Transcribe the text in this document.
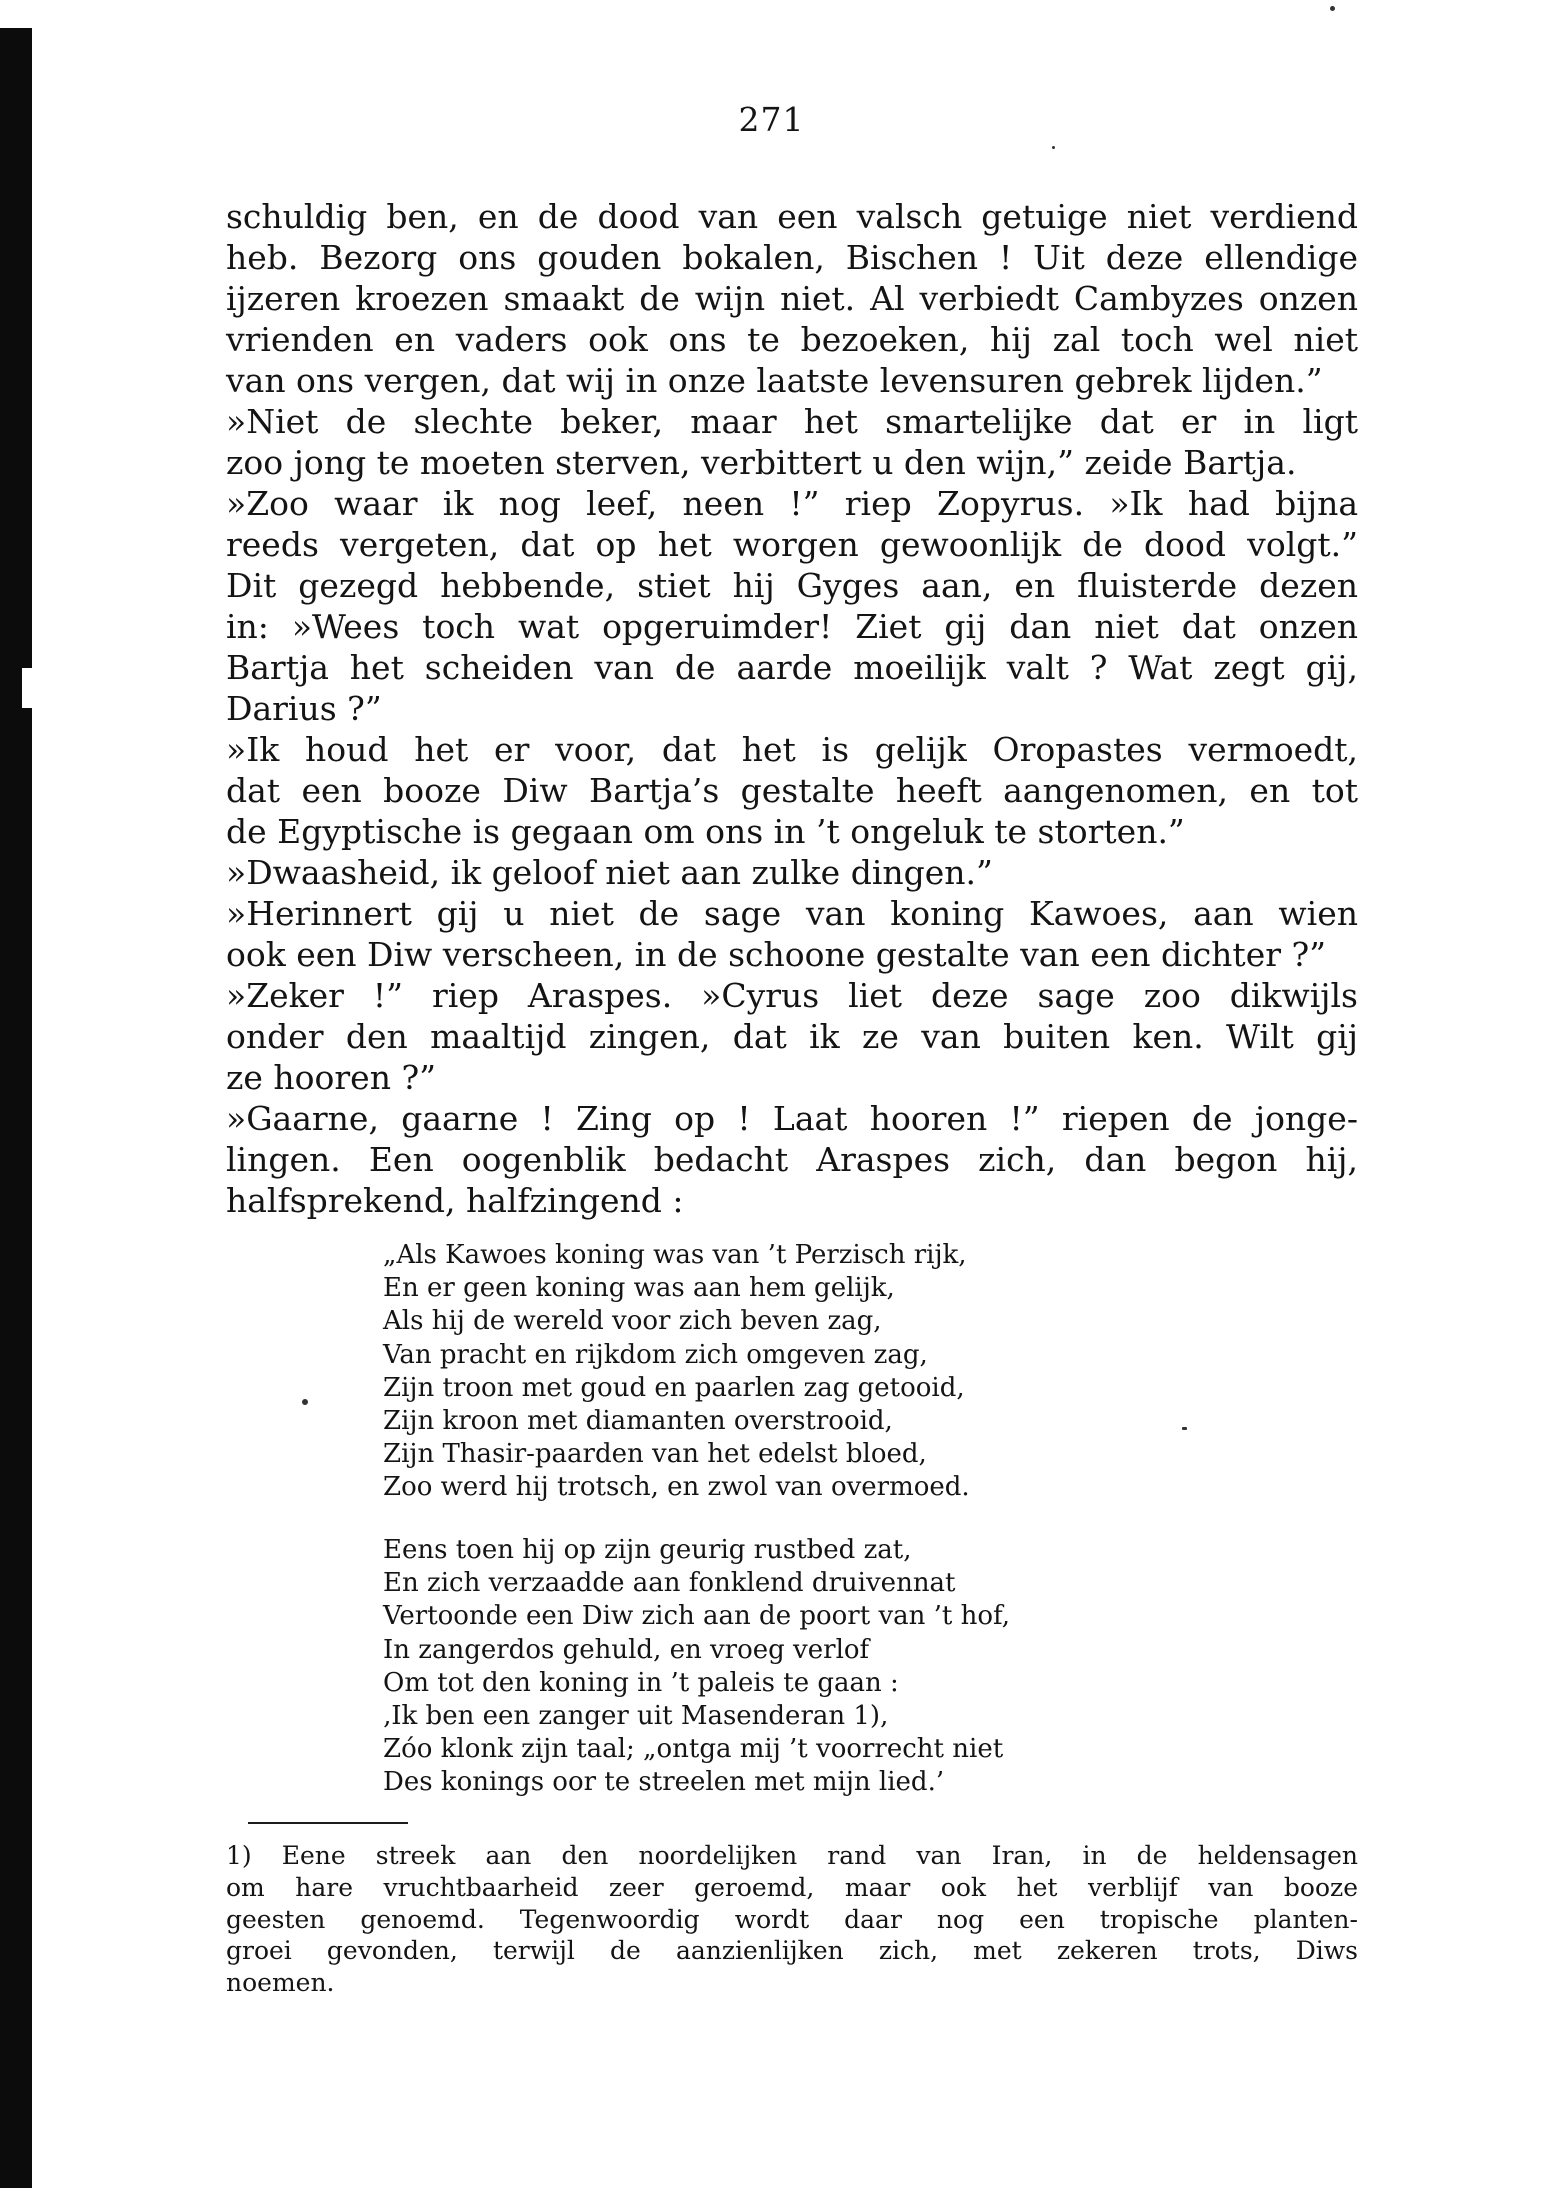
271
schuldig ben, en de dood van een valsch getuige niet verdiend
heb. Bezorg ons gouden bokalen, Bischen ! Uit deze ellendige
ijzeren kroezen smaakt de wijn niet. Al verbiedt Cambyzes onzen
vrienden en vaders ook ons te bezoeken, hij zal toch wel niet
van ons vergen, dat wij in onze laatste levensuren gebrek lijden.”
»Niet de slechte beker, maar het smartelijke dat er in ligt
zoo jong te moeten sterven, verbittert u den wijn,” zeide Bartja.
»Zoo waar ik nog leef, neen !” riep Zopyrus. »Ik had bijna
reeds vergeten, dat op het worgen gewoonlijk de dood volgt.”
Dit gezegd hebbende, stiet hij Gyges aan, en fluisterde dezen
in: »Wees toch wat opgeruimder! Ziet gij dan niet dat onzen
Bartja het scheiden van de aarde moeilijk valt ? Wat zegt gij,
Darius ?”
»Ik houd het er voor, dat het is gelijk Oropastes vermoedt,
dat een booze Diw Bartja’s gestalte heeft aangenomen, en tot
de Egyptische is gegaan om ons in ’t ongeluk te storten.”
»Dwaasheid, ik geloof niet aan zulke dingen.”
»Herinnert gij u niet de sage van koning Kawoes, aan wien
ook een Diw verscheen, in de schoone gestalte van een dichter ?”
»Zeker !” riep Araspes. »Cyrus liet deze sage zoo dikwijls
onder den maaltijd zingen, dat ik ze van buiten ken. Wilt gij
ze hooren ?”
»Gaarne, gaarne ! Zing op ! Laat hooren !” riepen de jonge-
lingen. Een oogenblik bedacht Araspes zich, dan begon hij,
halfsprekend, halfzingend :
„Als Kawoes koning was van ’t Perzisch rijk,
En er geen koning was aan hem gelijk,
Als hij de wereld voor zich beven zag,
Van pracht en rijkdom zich omgeven zag,
Zijn troon met goud en paarlen zag getooid,
Zijn kroon met diamanten overstrooid,
Zijn Thasir-paarden van het edelst bloed,
Zoo werd hij trotsch, en zwol van overmoed.
Eens toen hij op zijn geurig rustbed zat,
En zich verzaadde aan fonklend druivennat
Vertoonde een Diw zich aan de poort van ’t hof,
In zangerdos gehuld, en vroeg verlof
Om tot den koning in ’t paleis te gaan :
‚Ik ben een zanger uit Masenderan 1),
Zóo klonk zijn taal; „ontga mij ’t voorrecht niet
Des konings oor te streelen met mijn lied.’
1) Eene streek aan den noordelijken rand van Iran, in de heldensagen
om hare vruchtbaarheid zeer geroemd, maar ook het verblijf van booze
geesten genoemd. Tegenwoordig wordt daar nog een tropische planten-
groei gevonden, terwijl de aanzienlijken zich, met zekeren trots, Diws
noemen.
